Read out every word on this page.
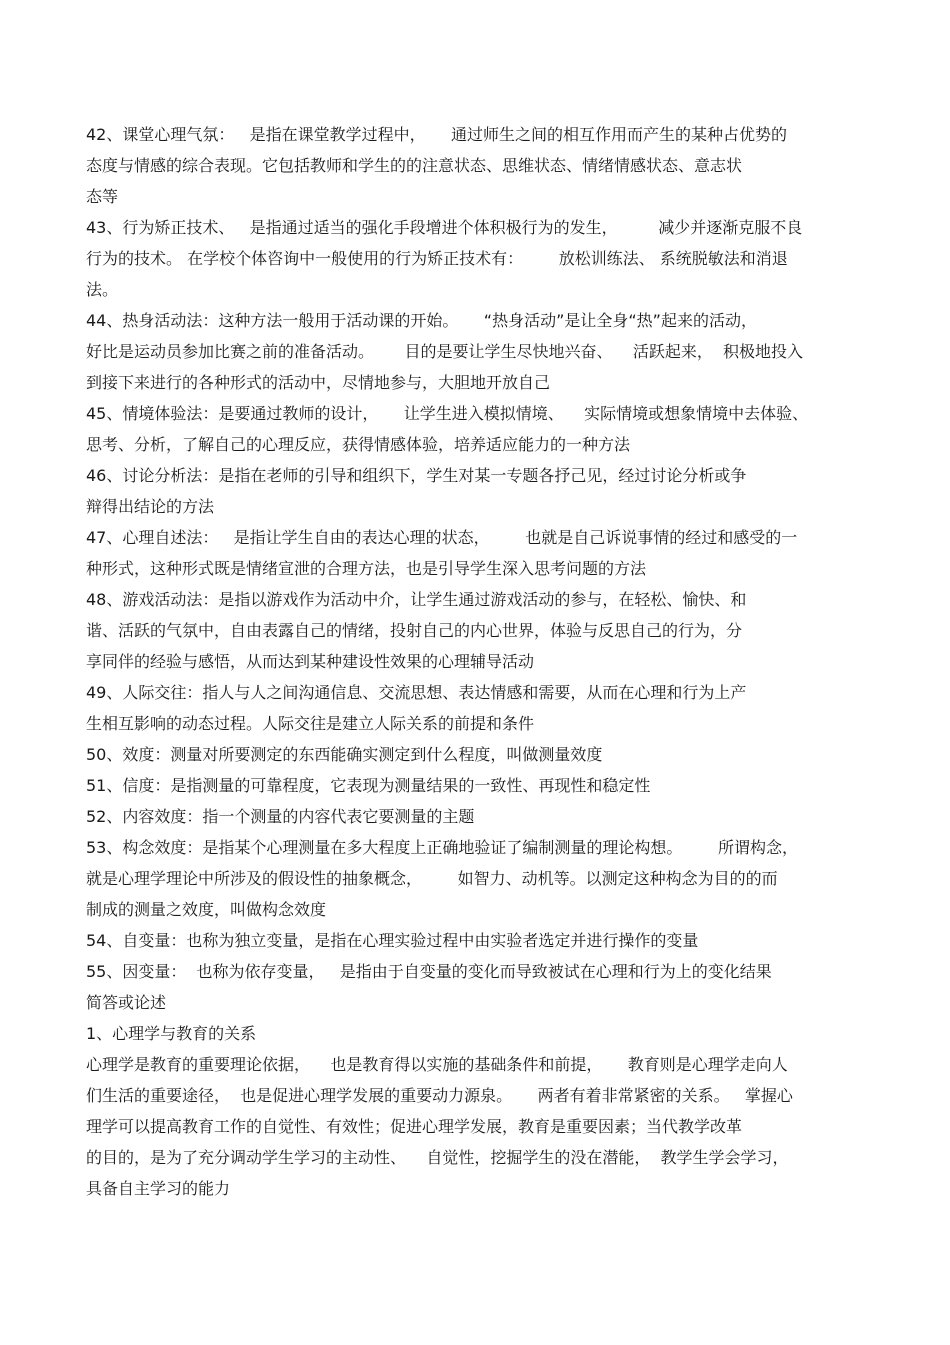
42、课堂心理气氛：   是指在课堂教学过程中，     通过师生之间的相互作用而产生的某种占优势的
态度与情感的综合表现。它包括教师和学生的的注意状态、思维状态、情绪情感状态、意志状
态等
43、行为矫正技术、   是指通过适当的强化手段增进个体积极行为的发生，        减少并逐渐克服不良
行为的技术。 在学校个体咨询中一般使用的行为矫正技术有：       放松训练法、 系统脱敏法和消退
法。
44、热身活动法：这种方法一般用于活动课的开始。     “热身活动”是让全身“热”起来的活动，
好比是运动员参加比赛之前的准备活动。      目的是要让学生尽快地兴奋、    活跃起来，  积极地投入
到接下来进行的各种形式的活动中，尽情地参与，大胆地开放自己
45、情境体验法：是要通过教师的设计，     让学生进入模拟情境、    实际情境或想象情境中去体验、
思考、分析，了解自己的心理反应，获得情感体验，培养适应能力的一种方法
46、讨论分析法：是指在老师的引导和组织下，学生对某一专题各抒己见，经过讨论分析或争
辩得出结论的方法
47、心理自述法：   是指让学生自由的表达心理的状态，       也就是自己诉说事情的经过和感受的一
种形式，这种形式既是情绪宣泄的合理方法，也是引导学生深入思考问题的方法
48、游戏活动法：是指以游戏作为活动中介，让学生通过游戏活动的参与，在轻松、愉快、和
谐、活跃的气氛中，自由表露自己的情绪，投射自己的内心世界，体验与反思自己的行为，分
享同伴的经验与感悟，从而达到某种建设性效果的心理辅导活动
49、人际交往：指人与人之间沟通信息、交流思想、表达情感和需要，从而在心理和行为上产
生相互影响的动态过程。人际交往是建立人际关系的前提和条件
50、效度：测量对所要测定的东西能确实测定到什么程度，叫做测量效度
51、信度：是指测量的可靠程度，它表现为测量结果的一致性、再现性和稳定性
52、内容效度：指一个测量的内容代表它要测量的主题
53、构念效度：是指某个心理测量在多大程度上正确地验证了编制测量的理论构想。       所谓构念，
就是心理学理论中所涉及的假设性的抽象概念，       如智力、动机等。以测定这种构念为目的的而
制成的测量之效度，叫做构念效度
54、自变量：也称为独立变量，是指在心理实验过程中由实验者选定并进行操作的变量
55、因变量：  也称为依存变量，   是指由于自变量的变化而导致被试在心理和行为上的变化结果
简答或论述
1、心理学与教育的关系
心理学是教育的重要理论依据，    也是教育得以实施的基础条件和前提，     教育则是心理学走向人
们生活的重要途径，  也是促进心理学发展的重要动力源泉。     两者有着非常紧密的关系。   掌握心
理学可以提高教育工作的自觉性、有效性；促进心理学发展，教育是重要因素；当代教学改革
的目的，是为了充分调动学生学习的主动性、    自觉性，挖掘学生的没在潜能，  教学生学会学习，
具备自主学习的能力
